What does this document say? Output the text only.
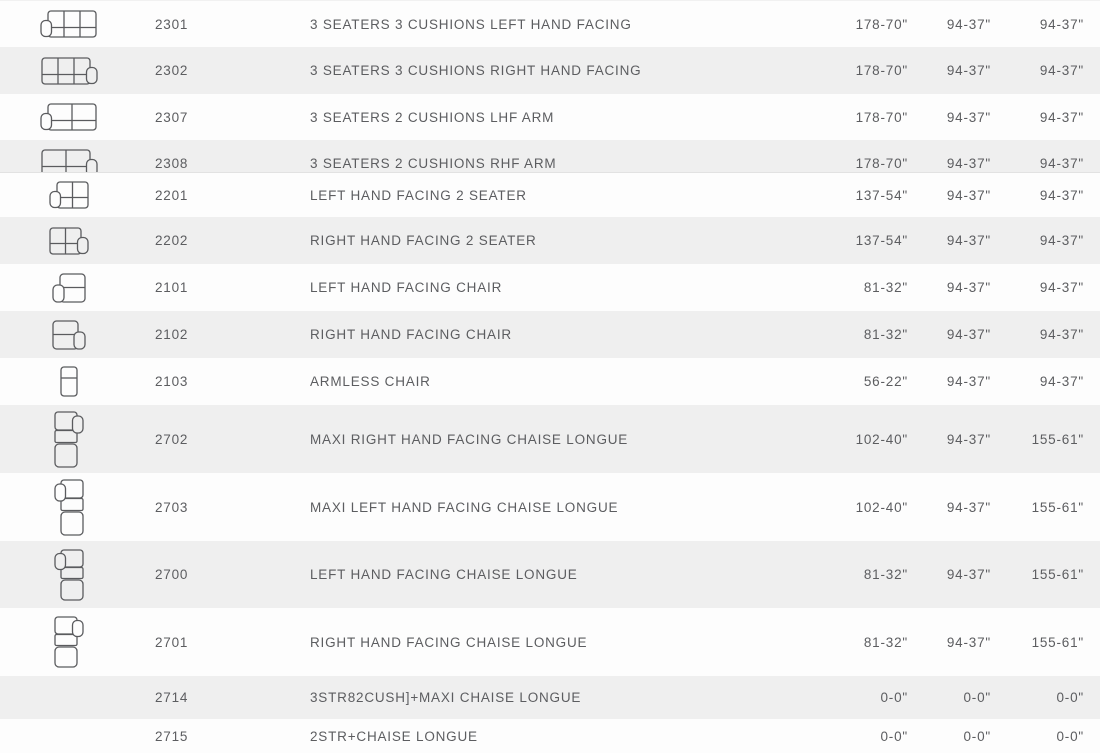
2301	3 SEATERS 3 CUSHIONS LEFT HAND FACING	178-70"	94-37"	94-37"
2302	3 SEATERS 3 CUSHIONS RIGHT HAND FACING	178-70"	94-37"	94-37"
2307	3 SEATERS 2 CUSHIONS LHF ARM	178-70"	94-37"	94-37"
2308	3 SEATERS 2 CUSHIONS RHF ARM	178-70"	94-37"	94-37"
2201	LEFT HAND FACING 2 SEATER	137-54"	94-37"	94-37"
2202	RIGHT HAND FACING 2 SEATER	137-54"	94-37"	94-37"
2101	LEFT HAND FACING CHAIR	81-32"	94-37"	94-37"
2102	RIGHT HAND FACING CHAIR	81-32"	94-37"	94-37"
2103	ARMLESS CHAIR	56-22"	94-37"	94-37"
2702	MAXI RIGHT HAND FACING CHAISE LONGUE	102-40"	94-37"	155-61"
2703	MAXI LEFT HAND FACING CHAISE LONGUE	102-40"	94-37"	155-61"
2700	LEFT HAND FACING CHAISE LONGUE	81-32"	94-37"	155-61"
2701	RIGHT HAND FACING CHAISE LONGUE	81-32"	94-37"	155-61"
2714	3STR82CUSH]+MAXI CHAISE LONGUE	0-0"	0-0"	0-0"
2715	2STR+CHAISE LONGUE	0-0"	0-0"	0-0"
